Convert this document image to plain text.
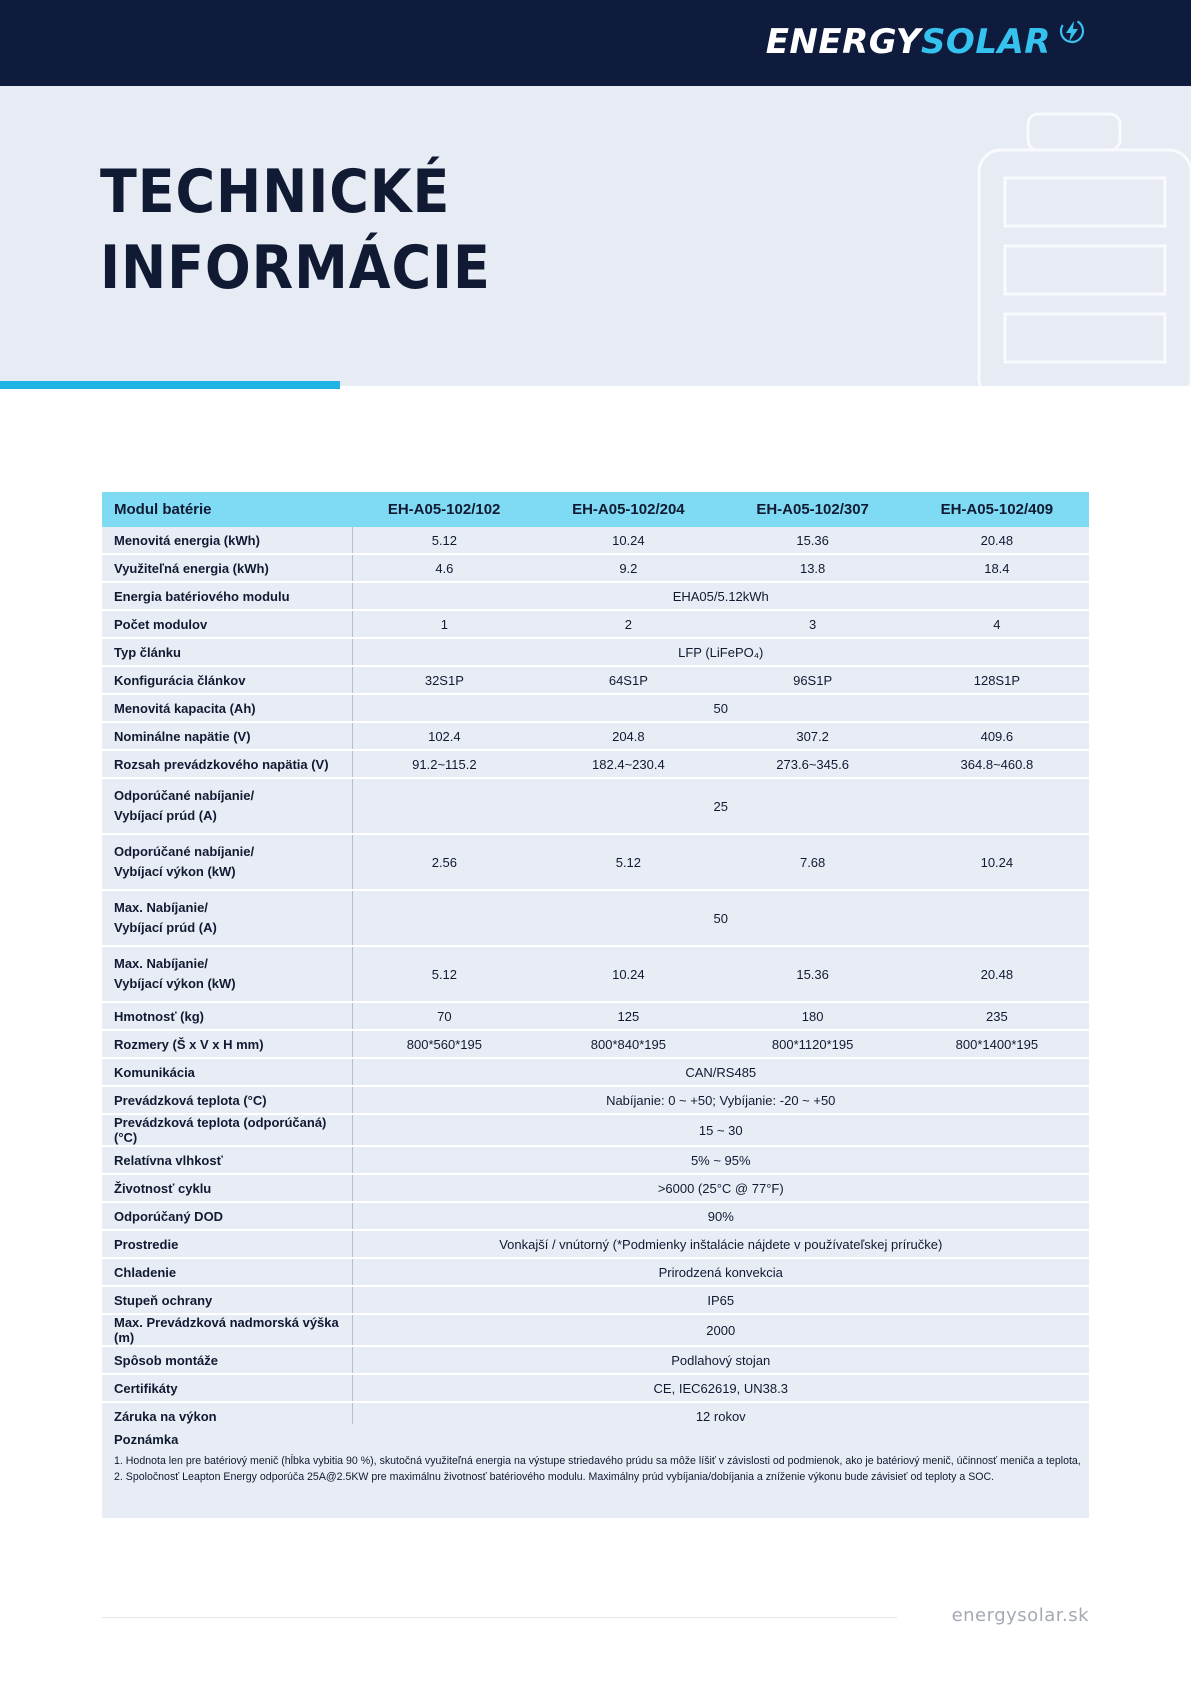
ENERGYSOLAR
TECHNICKÉ
INFORMÁCIE
Modul batérie	EH-A05-102/102	EH-A05-102/204	EH-A05-102/307	EH-A05-102/409

Menovitá energia (kWh)	5.12	10.24	15.36	20.48

Využiteľná energia (kWh)	4.6	9.2	13.8	18.4

Energia batériového modulu	EHA05/5.12kWh			

Počet modulov	1	2	3	4

Typ článku	LFP (LiFePO₄)			

Konfigurácia článkov	32S1P	64S1P	96S1P	128S1P

Menovitá kapacita (Ah)	50			

Nominálne napätie (V)	102.4	204.8	307.2	409.6

Rozsah prevádzkového napätia (V)	91.2~115.2	182.4~230.4	273.6~345.6	364.8~460.8

Odporúčané nabíjanie/
Vybíjací prúd (A)	25			

Odporúčané nabíjanie/
Vybíjací výkon (kW)	2.56	5.12	7.68	10.24

Max. Nabíjanie/
Vybíjací prúd (A)	50			

Max. Nabíjanie/
Vybíjací výkon (kW)	5.12	10.24	15.36	20.48

Hmotnosť (kg)	70	125	180	235

Rozmery (Š x V x H mm)	800*560*195	800*840*195	800*1120*195	800*1400*195

Komunikácia	CAN/RS485			

Prevádzková teplota (°C)	Nabíjanie: 0 ~ +50; Vybíjanie: -20 ~ +50			

Prevádzková teplota (odporúčaná) (°C)	15 ~ 30			

Relatívna vlhkosť	5% ~ 95%			

Životnosť cyklu	>6000 (25°C @ 77°F)			

Odporúčaný DOD	90%			

Prostredie	Vonkajší / vnútorný (*Podmienky inštalácie nájdete v používateľskej príručke)			

Chladenie	Prirodzená konvekcia			

Stupeň ochrany	IP65			

Max. Prevádzková nadmorská výška (m)	2000			

Spôsob montáže	Podlahový stojan			

Certifikáty	CE, IEC62619, UN38.3			

Záruka na výkon	12 rokov			
Poznámka
1. Hodnota len pre batériový menič (hĺbka vybitia 90 %), skutočná využiteľná energia na výstupe striedavého prúdu sa môže líšiť v závislosti od podmienok, ako je batériový menič, účinnosť meniča a teplota,
2. Spoločnosť Leapton Energy odporúča 25A@2.5KW pre maximálnu životnosť batériového modulu. Maximálny prúd vybíjania/dobíjania a zníženie výkonu bude závisieť od teploty a SOC.
energysolar.sk
